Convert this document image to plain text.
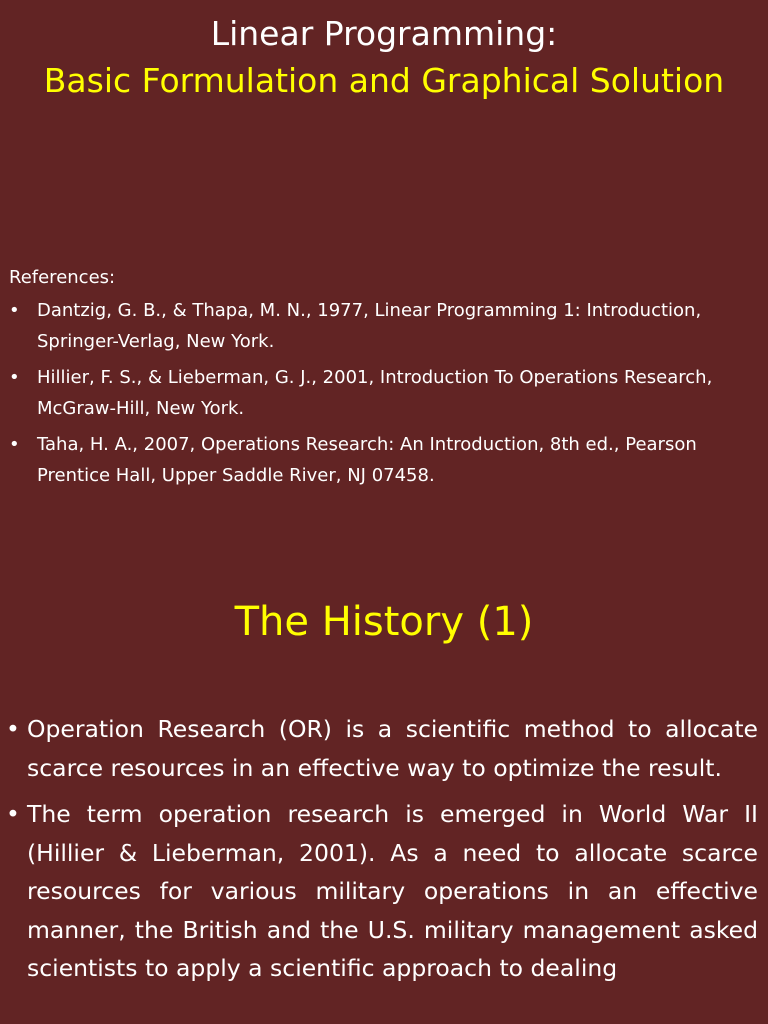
Linear Programming:
Basic Formulation and Graphical Solution
References:
• Dantzig, G. B., & Thapa, M. N., 1977, Linear Programming 1: Introduction, Springer-Verlag, New York.
• Hillier, F. S., & Lieberman, G. J., 2001, Introduction To Operations Research, McGraw-Hill, New York.
• Taha, H. A., 2007, Operations Research: An Introduction, 8th ed., Pearson Prentice Hall, Upper Saddle River, NJ 07458.
The History (1)
• Operation Research (OR) is a scientific method to allocate scarce resources in an effective way to optimize the result.
• The term operation research is emerged in World War II (Hillier & Lieberman, 2001). As a need to allocate scarce resources for various military operations in an effective manner, the British and the U.S. military management asked scientists to apply a scientific approach to dealing
